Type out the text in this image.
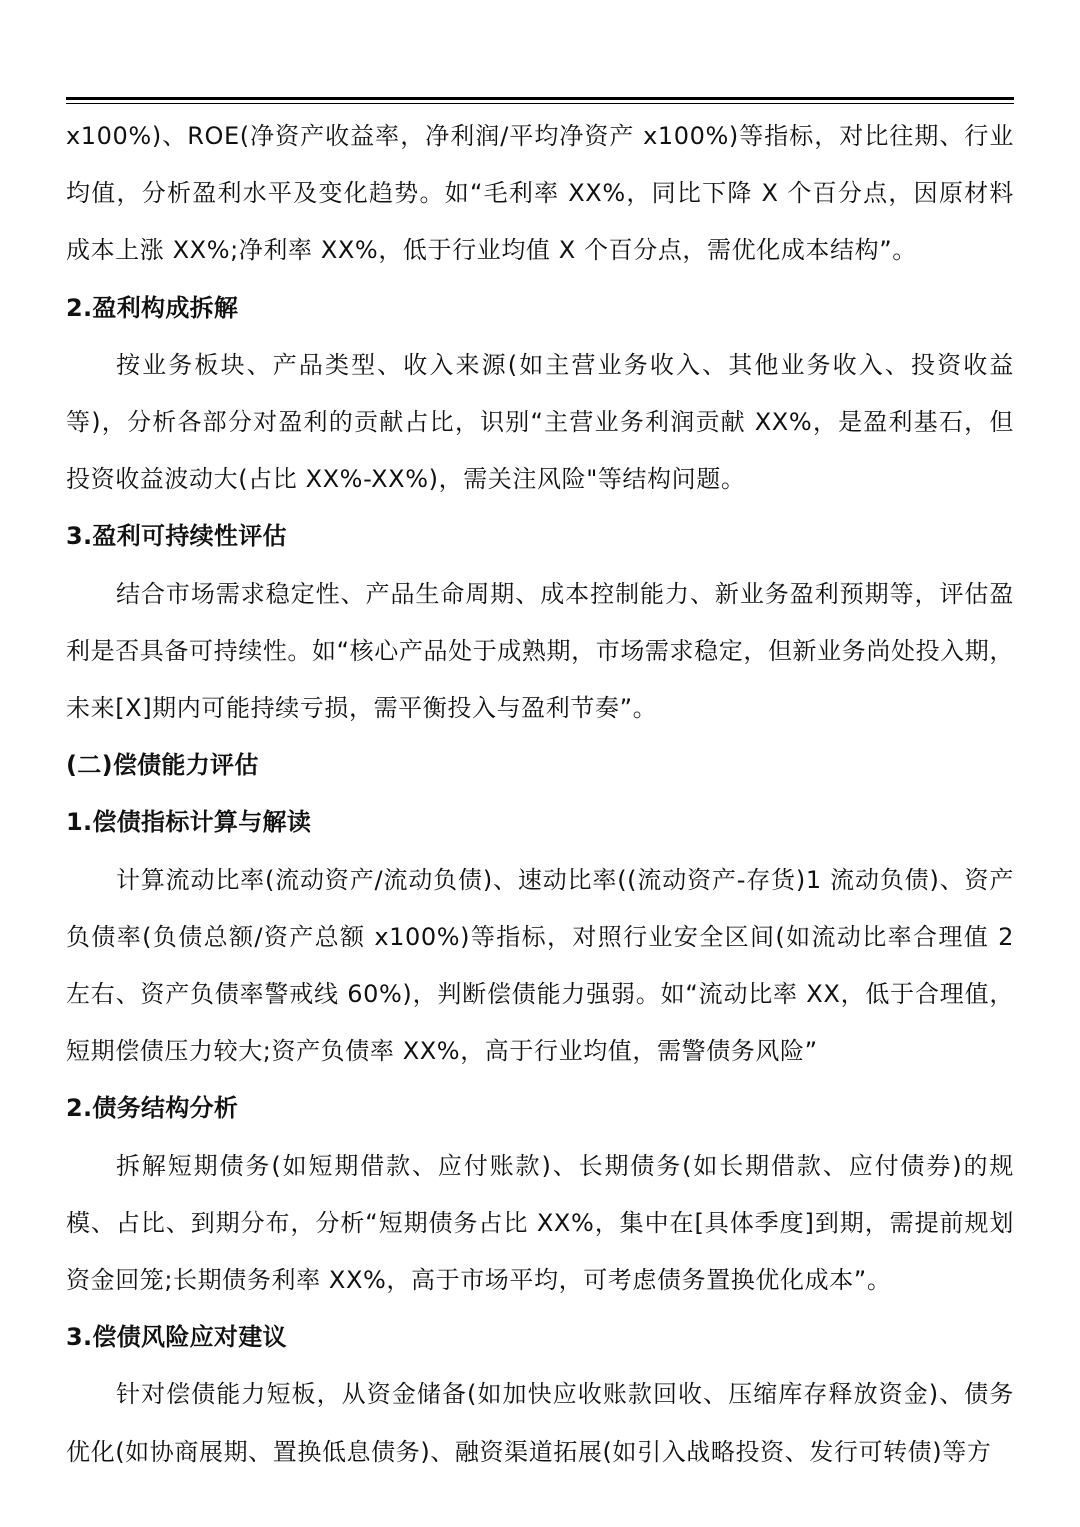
x100%)、ROE(净资产收益率，净利润/平均净资产 x100%)等指标，对比往期、行业均值，分析盈利水平及变化趋势。如“毛利率 XX%，同比下降 X 个百分点，因原材料成本上涨 XX%;净利率 XX%，低于行业均值 X 个百分点，需优化成本结构”。

2.盈利构成拆解

按业务板块、产品类型、收入来源(如主营业务收入、其他业务收入、投资收益等)，分析各部分对盈利的贡献占比，识别“主营业务利润贡献 XX%，是盈利基石，但投资收益波动大(占比 XX%-XX%)，需关注风险"等结构问题。

3.盈利可持续性评估

结合市场需求稳定性、产品生命周期、成本控制能力、新业务盈利预期等，评估盈利是否具备可持续性。如“核心产品处于成熟期，市场需求稳定，但新业务尚处投入期，未来[X]期内可能持续亏损，需平衡投入与盈利节奏”。

(二)偿债能力评估

1.偿债指标计算与解读

计算流动比率(流动资产/流动负债)、速动比率((流动资产-存货)1 流动负债)、资产负债率(负债总额/资产总额 x100%)等指标，对照行业安全区间(如流动比率合理值 2 左右、资产负债率警戒线 60%)，判断偿债能力强弱。如“流动比率 XX，低于合理值，短期偿债压力较大;资产负债率 XX%，高于行业均值，需警债务风险”

2.债务结构分析

拆解短期债务(如短期借款、应付账款)、长期债务(如长期借款、应付债券)的规模、占比、到期分布，分析“短期债务占比 XX%，集中在[具体季度]到期，需提前规划资金回笼;长期债务利率 XX%，高于市场平均，可考虑债务置换优化成本”。

3.偿债风险应对建议

针对偿债能力短板，从资金储备(如加快应收账款回收、压缩库存释放资金)、债务优化(如协商展期、置换低息债务)、融资渠道拓展(如引入战略投资、发行可转债)等方
